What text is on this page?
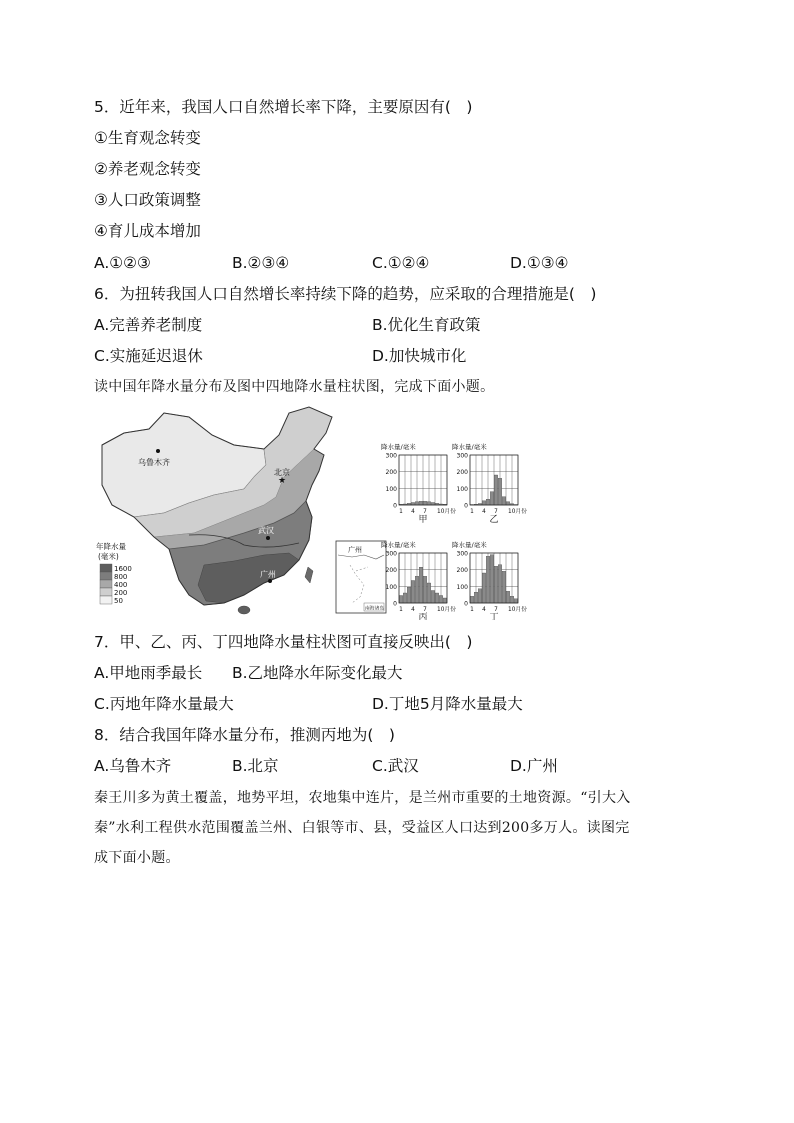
5．近年来，我国人口自然增长率下降，主要原因有(　)
①生育观念转变
②养老观念转变
③人口政策调整
④育儿成本增加
A.①②③	B.②③④	C.①②④	D.①③④
6．为扭转我国人口自然增长率持续下降的趋势，应采取的合理措施是(　)
A.完善养老制度	B.优化生育政策
C.实施延迟退休	D.加快城市化
读中国年降水量分布及图中四地降水量柱状图，完成下面小题。
乌鲁木齐
★
北京
武汉
广州
年降水量
(毫米)
1600
800
400
200
50
广州
南海诸岛
300
200
100
0
降水量/毫米
1 4 7 10月份
甲
300
200
100
0
降水量/毫米
1 4 7 10月份
乙
300
200
100
0
降水量/毫米
1 4 7 10月份
丙
300
200
100
0
降水量/毫米
1 4 7 10月份
丁
7．甲、乙、丙、丁四地降水量柱状图可直接反映出(　)
A.甲地雨季最长 B.乙地降水年际变化最大
C.丙地年降水量最大	D.丁地5月降水量最大
8．结合我国年降水量分布，推测丙地为(　)
A.乌鲁木齐	B.北京	C.武汉	D.广州
秦王川多为黄土覆盖，地势平坦，农地集中连片，是兰州市重要的土地资源。“引大入
秦”水利工程供水范围覆盖兰州、白银等市、县，受益区人口达到200多万人。读图完
成下面小题。
